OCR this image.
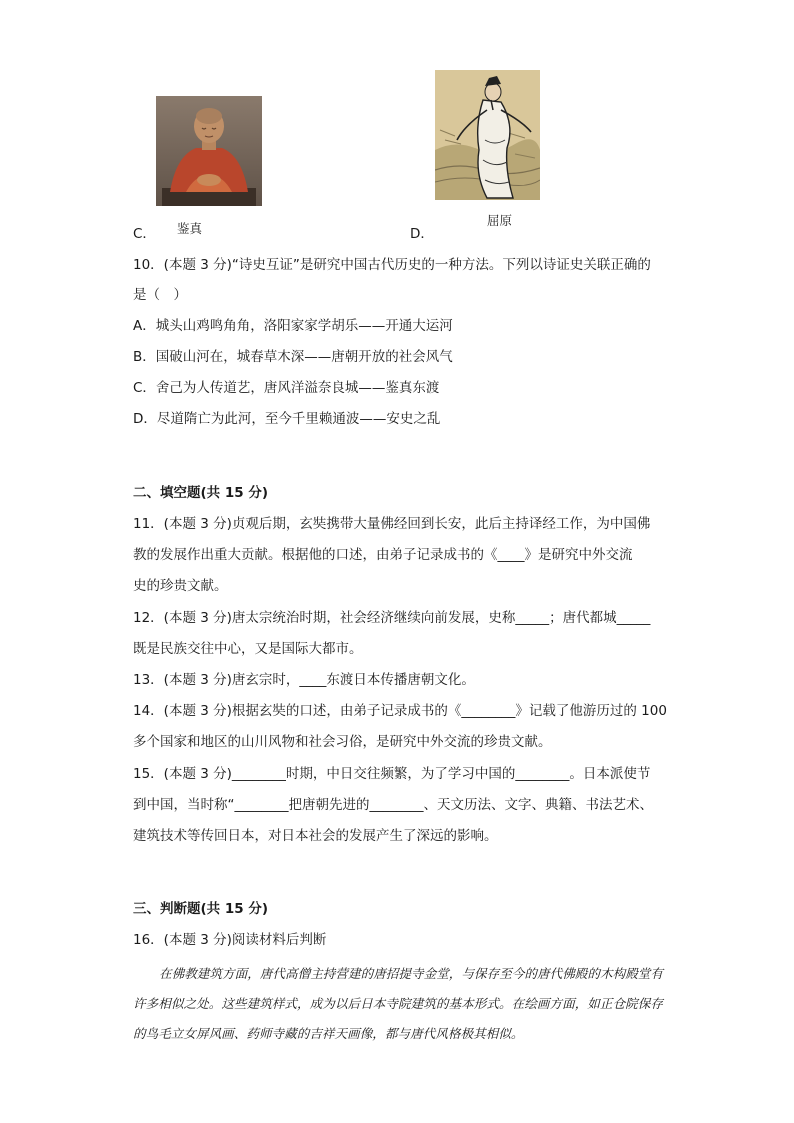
C． 鉴真	D．
屈原
10．(本题 3 分)“诗史互证”是研究中国古代历史的一种方法。下列以诗证史关联正确的
是（　）
A．城头山鸡鸣角角，洛阳家家学胡乐——开通大运河
B．国破山河在，城春草木深——唐朝开放的社会风气
C．舍己为人传道艺，唐风洋溢奈良城——鉴真东渡
D．尽道隋亡为此河，至今千里赖通波——安史之乱
二、填空题(共 15 分)
11．(本题 3 分)贞观后期，玄奘携带大量佛经回到长安，此后主持译经工作，为中国佛
教的发展作出重大贡献。根据他的口述，由弟子记录成书的《____》是研究中外交流
史的珍贵文献。
12．(本题 3 分)唐太宗统治时期，社会经济继续向前发展，史称_____；唐代都城_____
既是民族交往中心，又是国际大都市。
13．(本题 3 分)唐玄宗时，____东渡日本传播唐朝文化。
14．(本题 3 分)根据玄奘的口述，由弟子记录成书的《________》记载了他游历过的 100
多个国家和地区的山川风物和社会习俗，是研究中外交流的珍贵文献。
15．(本题 3 分)________时期，中日交往频繁，为了学习中国的________。日本派使节
到中国，当时称“________把唐朝先进的________、天文历法、文字、典籍、书法艺术、
建筑技术等传回日本，对日本社会的发展产生了深远的影响。
三、判断题(共 15 分)
16．(本题 3 分)阅读材料后判断
在佛教建筑方面，唐代高僧主持营建的唐招提寺金堂，与保存至今的唐代佛殿的木构殿堂有许多相似之处。这些建筑样式，成为以后日本寺院建筑的基本形式。在绘画方面，如正仓院保存的鸟毛立女屏风画、药师寺藏的吉祥天画像，都与唐代风格极其相似。
